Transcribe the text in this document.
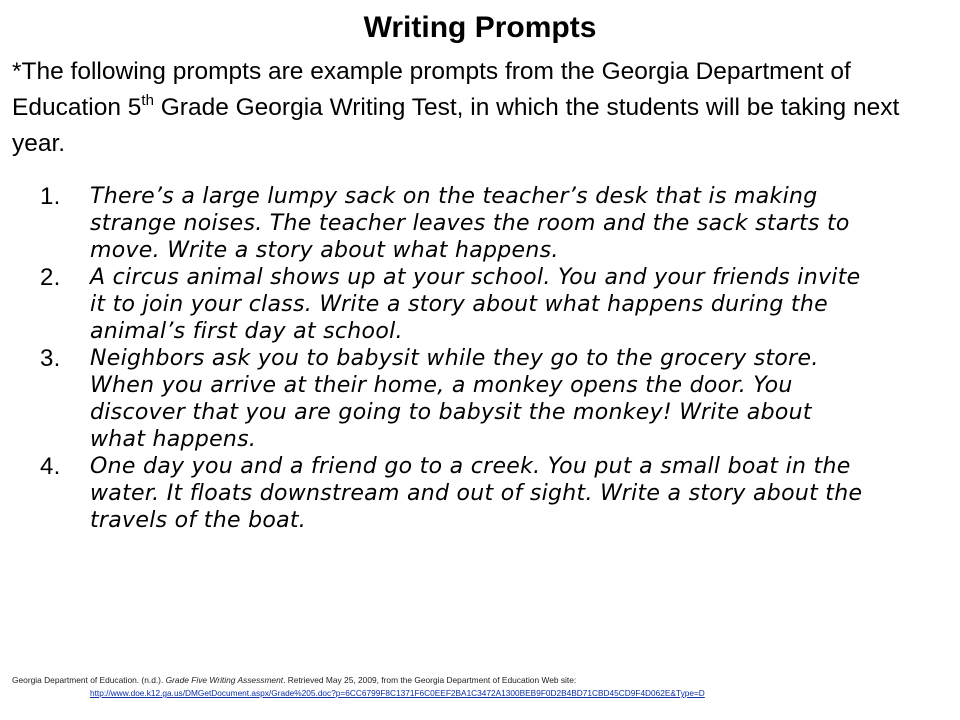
Writing Prompts
*The following prompts are example prompts from the Georgia Department of Education 5th Grade Georgia Writing Test, in which the students will be taking next year.
1.	There’s a large lumpy sack on the teacher’s desk that is making strange noises. The teacher leaves the room and the sack starts to move. Write a story about what happens.
2.	A circus animal shows up at your school. You and your friends invite it to join your class. Write a story about what happens during the animal’s first day at school.
3.	Neighbors ask you to babysit while they go to the grocery store. When you arrive at their home, a monkey opens the door. You discover that you are going to babysit the monkey! Write about what happens.
4.	One day you and a friend go to a creek. You put a small boat in the water. It floats downstream and out of sight. Write a story about the travels of the boat.
Georgia Department of Education. (n.d.). Grade Five Writing Assessment. Retrieved May 25, 2009, from the Georgia Department of Education Web site:
http://www.doe.k12.ga.us/DMGetDocument.aspx/Grade%205.doc?p=6CC6799F8C1371F6C0EEF2BA1C3472A1300BEB9F0D2B4BD71CBD45CD9F4D062E&Type=D
